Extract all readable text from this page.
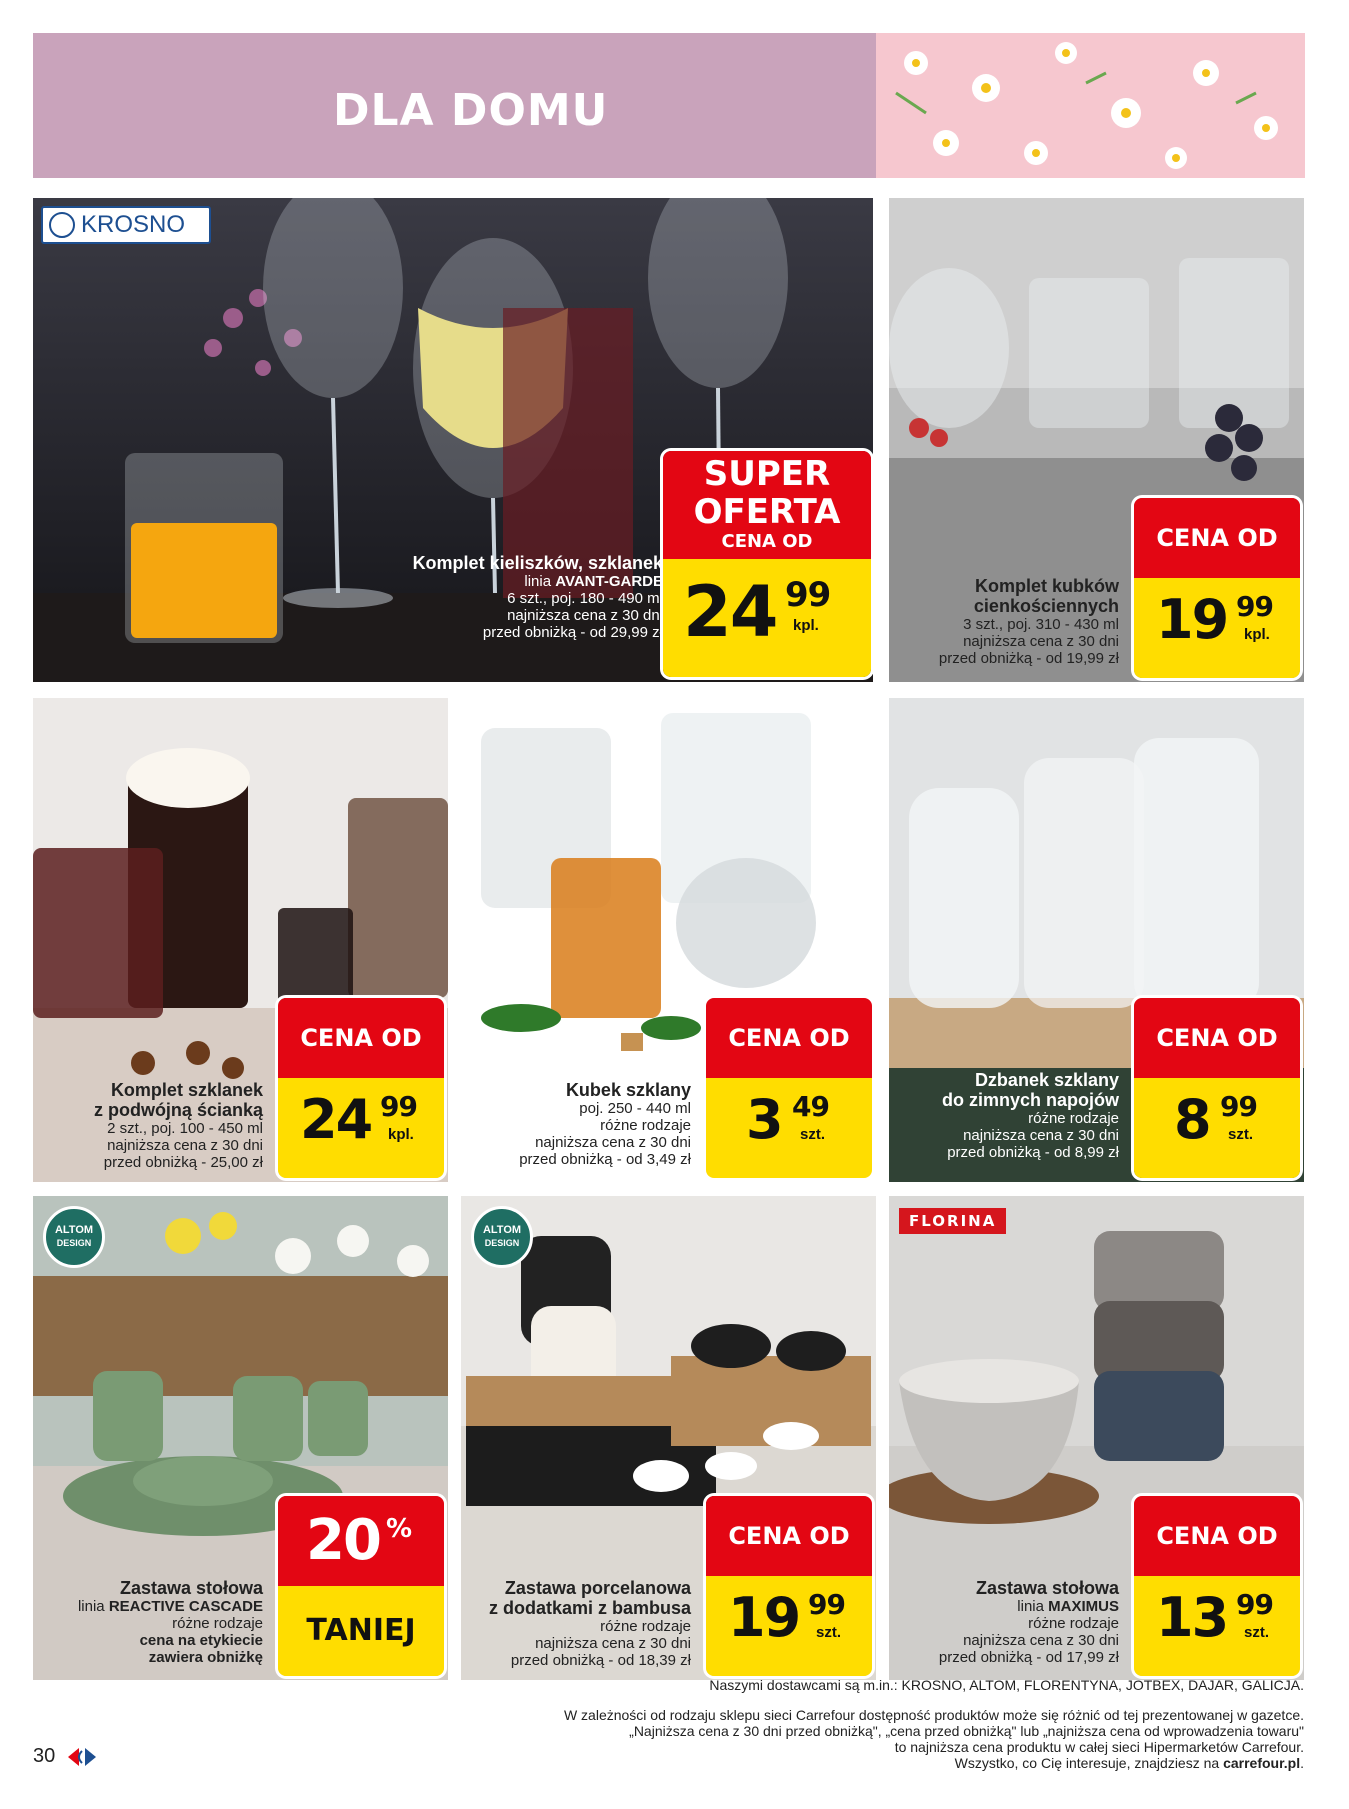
DLA DOMU
KROSNO
Komplet kieliszków, szklanek
linia AVANT-GARDE
6 szt., poj. 180 - 490 ml
najniższa cena z 30 dni
przed obniżką - od 29,99 zł
SUPER
OFERTA
CENA OD
24 99
kpl.
Komplet kubków cienkościennych
3 szt., poj. 310 - 430 ml
najniższa cena z 30 dni
przed obniżką - od 19,99 zł
CENA OD
19 99
kpl.
Komplet szklanek
z podwójną ścianką
2 szt., poj. 100 - 450 ml
najniższa cena z 30 dni
przed obniżką - 25,00 zł
CENA OD
24 99
kpl.
Kubek szklany
poj. 250 - 440 ml
różne rodzaje
najniższa cena z 30 dni
przed obniżką - od 3,49 zł
CENA OD
3 49
szt.
Dzbanek szklany
do zimnych napojów
różne rodzaje
najniższa cena z 30 dni
przed obniżką - od 8,99 zł
CENA OD
8 99
szt.
ALTOM
DESIGN
Zastawa stołowa
linia REACTIVE CASCADE
różne rodzaje
cena na etykiecie
zawiera obniżkę
20 %
TANIEJ
ALTOM
DESIGN
Zastawa porcelanowa
z dodatkami z bambusa
różne rodzaje
najniższa cena z 30 dni
przed obniżką - od 18,39 zł
CENA OD
19 99
szt.
FLORINA
Zastawa stołowa
linia MAXIMUS
różne rodzaje
najniższa cena z 30 dni
przed obniżką - od 17,99 zł
CENA OD
13 99
szt.
Naszymi dostawcami są m.in.: KROSNO, ALTOM, FLORENTYNA, JOTBEX, DAJAR, GALICJA.
W zależności od rodzaju sklepu sieci Carrefour dostępność produktów może się różnić od tej prezentowanej w gazetce.
„Najniższa cena z 30 dni przed obniżką", „cena przed obniżką" lub „najniższa cena od wprowadzenia towaru"
to najniższa cena produktu w całej sieci Hipermarketów Carrefour.
Wszystko, co Cię interesuje, znajdziesz na carrefour.pl.
30
